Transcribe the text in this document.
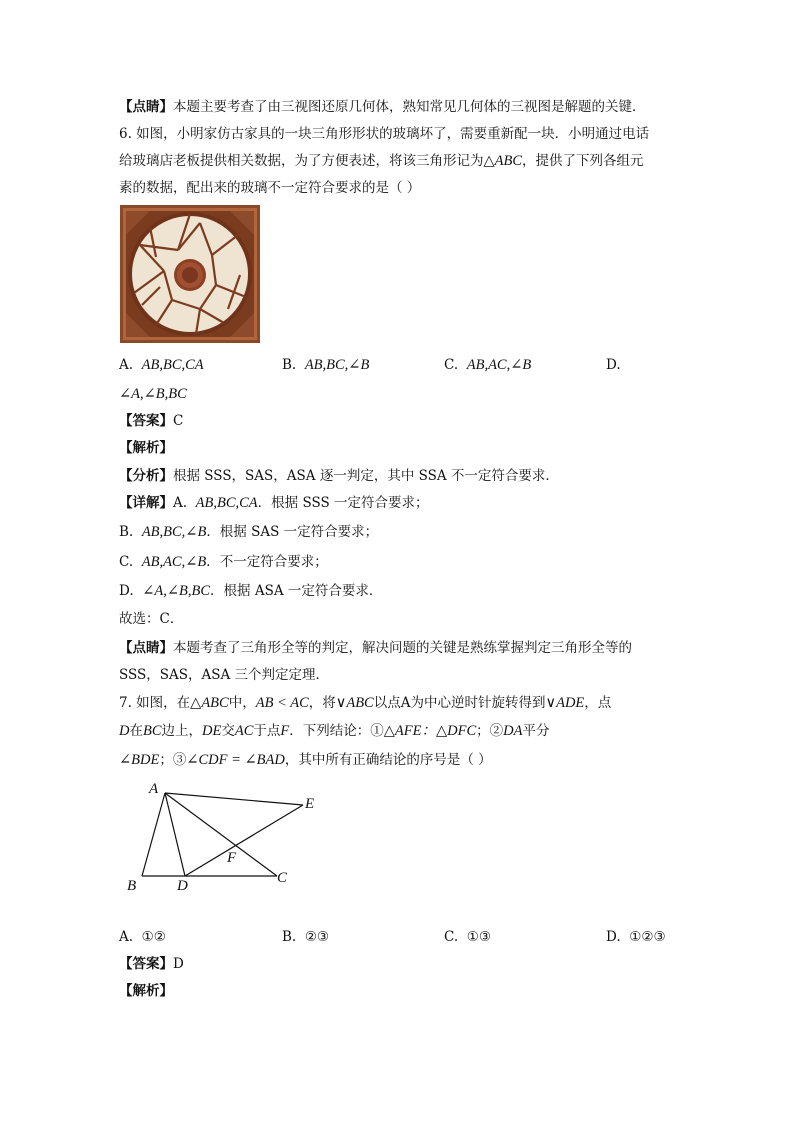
【点睛】本题主要考查了由三视图还原几何体，熟知常见几何体的三视图是解题的关键．
6. 如图，小明家仿古家具的一块三角形形状的玻璃坏了，需要重新配一块．小明通过电话
给玻璃店老板提供相关数据，为了方便表述，将该三角形记为△ABC，提供了下列各组元
素的数据，配出来的玻璃不一定符合要求的是（ ）
A. AB,BC,CA	B. AB,BC,∠B	C. AB,AC,∠B	D.
∠A,∠B,BC
【答案】C
【解析】
【分析】根据 SSS，SAS，ASA 逐一判定，其中 SSA 不一定符合要求．
【详解】A. AB,BC,CA．根据 SSS 一定符合要求；
B. AB,BC,∠B．根据 SAS 一定符合要求；
C. AB,AC,∠B．不一定符合要求；
D. ∠A,∠B,BC．根据 ASA 一定符合要求．
故选：C．
【点睛】本题考查了三角形全等的判定，解决问题的关键是熟练掌握判定三角形全等的
SSS，SAS，ASA 三个判定定理．
7. 如图，在△ABC中，AB < AC，将∨ABC以点A为中心逆时针旋转得到∨ADE，点
D在BC边上，DE交AC于点F．下列结论：①△AFE：△DFC；②DA平分
∠BDE；③∠CDF = ∠BAD，其中所有正确结论的序号是（ ）
A
B	D	C
E
F
A. ①②	B. ②③	C. ①③	D. ①②③
【答案】D
【解析】
